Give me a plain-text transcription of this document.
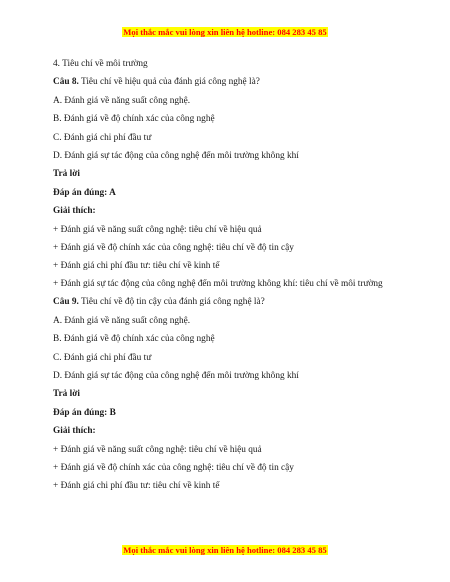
Mọi thắc mắc vui lòng xin liên hệ hotline: 084 283 45 85
4. Tiêu chí về môi trường
Câu 8. Tiêu chí về hiệu quả của đánh giá công nghệ là?
A. Đánh giá về năng suất công nghệ.
B. Đánh giá về độ chính xác của công nghệ
C. Đánh giá chi phí đầu tư
D. Đánh giá sự tác động của công nghệ đến môi trường không khí
Trả lời
Đáp án đúng: A
Giải thích:
+ Đánh giá về năng suất công nghệ: tiêu chí về hiệu quả
+ Đánh giá về độ chính xác của công nghệ: tiêu chí về độ tin cậy
+ Đánh giá chi phí đầu tư: tiêu chí về kinh tế
+ Đánh giá sự tác động của công nghệ đến môi trường không khí: tiêu chí về môi trường
Câu 9. Tiêu chí về độ tin cậy của đánh giá công nghệ là?
A. Đánh giá về năng suất công nghệ.
B. Đánh giá về độ chính xác của công nghệ
C. Đánh giá chi phí đầu tư
D. Đánh giá sự tác động của công nghệ đến môi trường không khí
Trả lời
Đáp án đúng: B
Giải thích:
+ Đánh giá về năng suất công nghệ: tiêu chí về hiệu quả
+ Đánh giá về độ chính xác của công nghệ: tiêu chí về độ tin cậy
+ Đánh giá chi phí đầu tư: tiêu chí về kinh tế
Mọi thắc mắc vui lòng xin liên hệ hotline: 084 283 45 85
